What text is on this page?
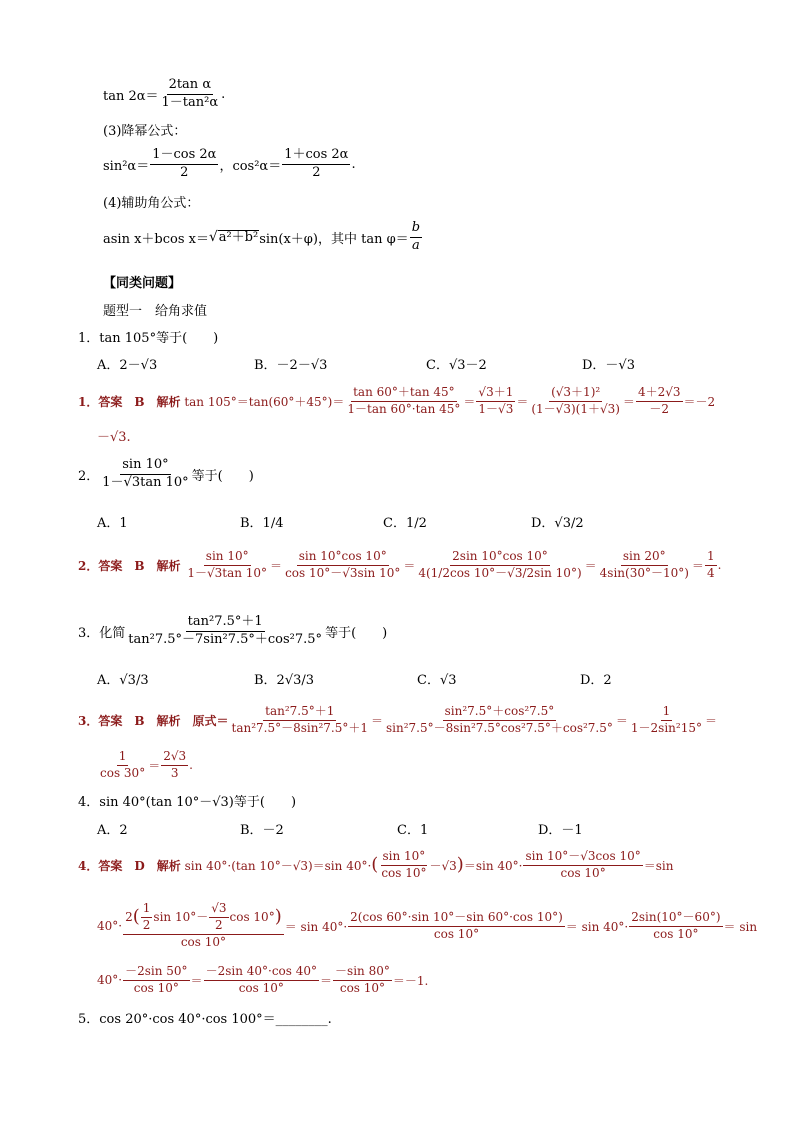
tan 2α＝
2tan α
1－tan²α
.
(3)降幂公式：
sin²α＝
1－cos 2α
2 ，cos²α＝
1＋cos 2α
2
.
(4)辅助角公式：
asin x＋bcos x＝ √ a²＋b² sin(x＋φ)，其中 tan φ＝
b
a
【同类问题】
题型一　给角求值
1． tan 105°等于(　　)
A．2－√3	B．－2－√3	C．√3－2	D．－√3
1．答案　B　解析
tan 105°＝tan(60°＋45°)＝
tan 60°＋tan 45°
1－tan 60°·tan 45° ＝
√3＋1
1－√3 ＝
(√3＋1)²
(1－√3)(1＋√3) ＝
4＋2√3
－2 ＝－2
－√3.
2．
sin 10°
1－√3tan 10° 等于(　　)
A．1	B．1/4	C．1/2	D．√3/2
2．答案　B　解析

sin 10°
1－√3tan 10° ＝
sin 10°cos 10°
cos 10°－√3sin 10° ＝
2sin 10°cos 10°
4(1/2cos 10°－√3/2sin 10°) ＝
sin 20°
4sin(30°－10°) ＝
1
4
.
3． 化简
tan²7.5°＋1
tan²7.5°－7sin²7.5°＋cos²7.5° 等于(　　)
A．√3/3	B．2√3/3	C．√3	D．2
3．答案　B　解析　原式＝
tan²7.5°＋1
tan²7.5°－8sin²7.5°＋1 ＝
sin²7.5°＋cos²7.5°
sin²7.5°－8sin²7.5°cos²7.5°＋cos²7.5° ＝
1
1－2sin²15° ＝
1
cos 30° ＝
2√3
3
.
4． sin 40°(tan 10°－√3)等于(　　)
A．2	B．－2	C．1	D．－1
4．答案　D　解析
sin 40°·(tan 10°－√3)＝sin 40°· ( sin 10°
cos 10° －√3 ) ＝sin 40°·
sin 10°－√3cos 10°
cos 10°	＝sin
40°·
2 ( 1
2
sin 10°－
√3
2
cos 10° )
cos 10°
＝ sin 40°·
2(cos 60°·sin 10°－sin 60°·cos 10°)
cos 10°	＝ sin 40°·
2sin(10°－60°)
cos 10° ＝ sin
40°·
－2sin 50°
cos 10° ＝
－2sin 40°·cos 40°
cos 10°	＝
－sin 80°
cos 10° ＝－1.
5． cos 20°·cos 40°·cos 100°＝________.
